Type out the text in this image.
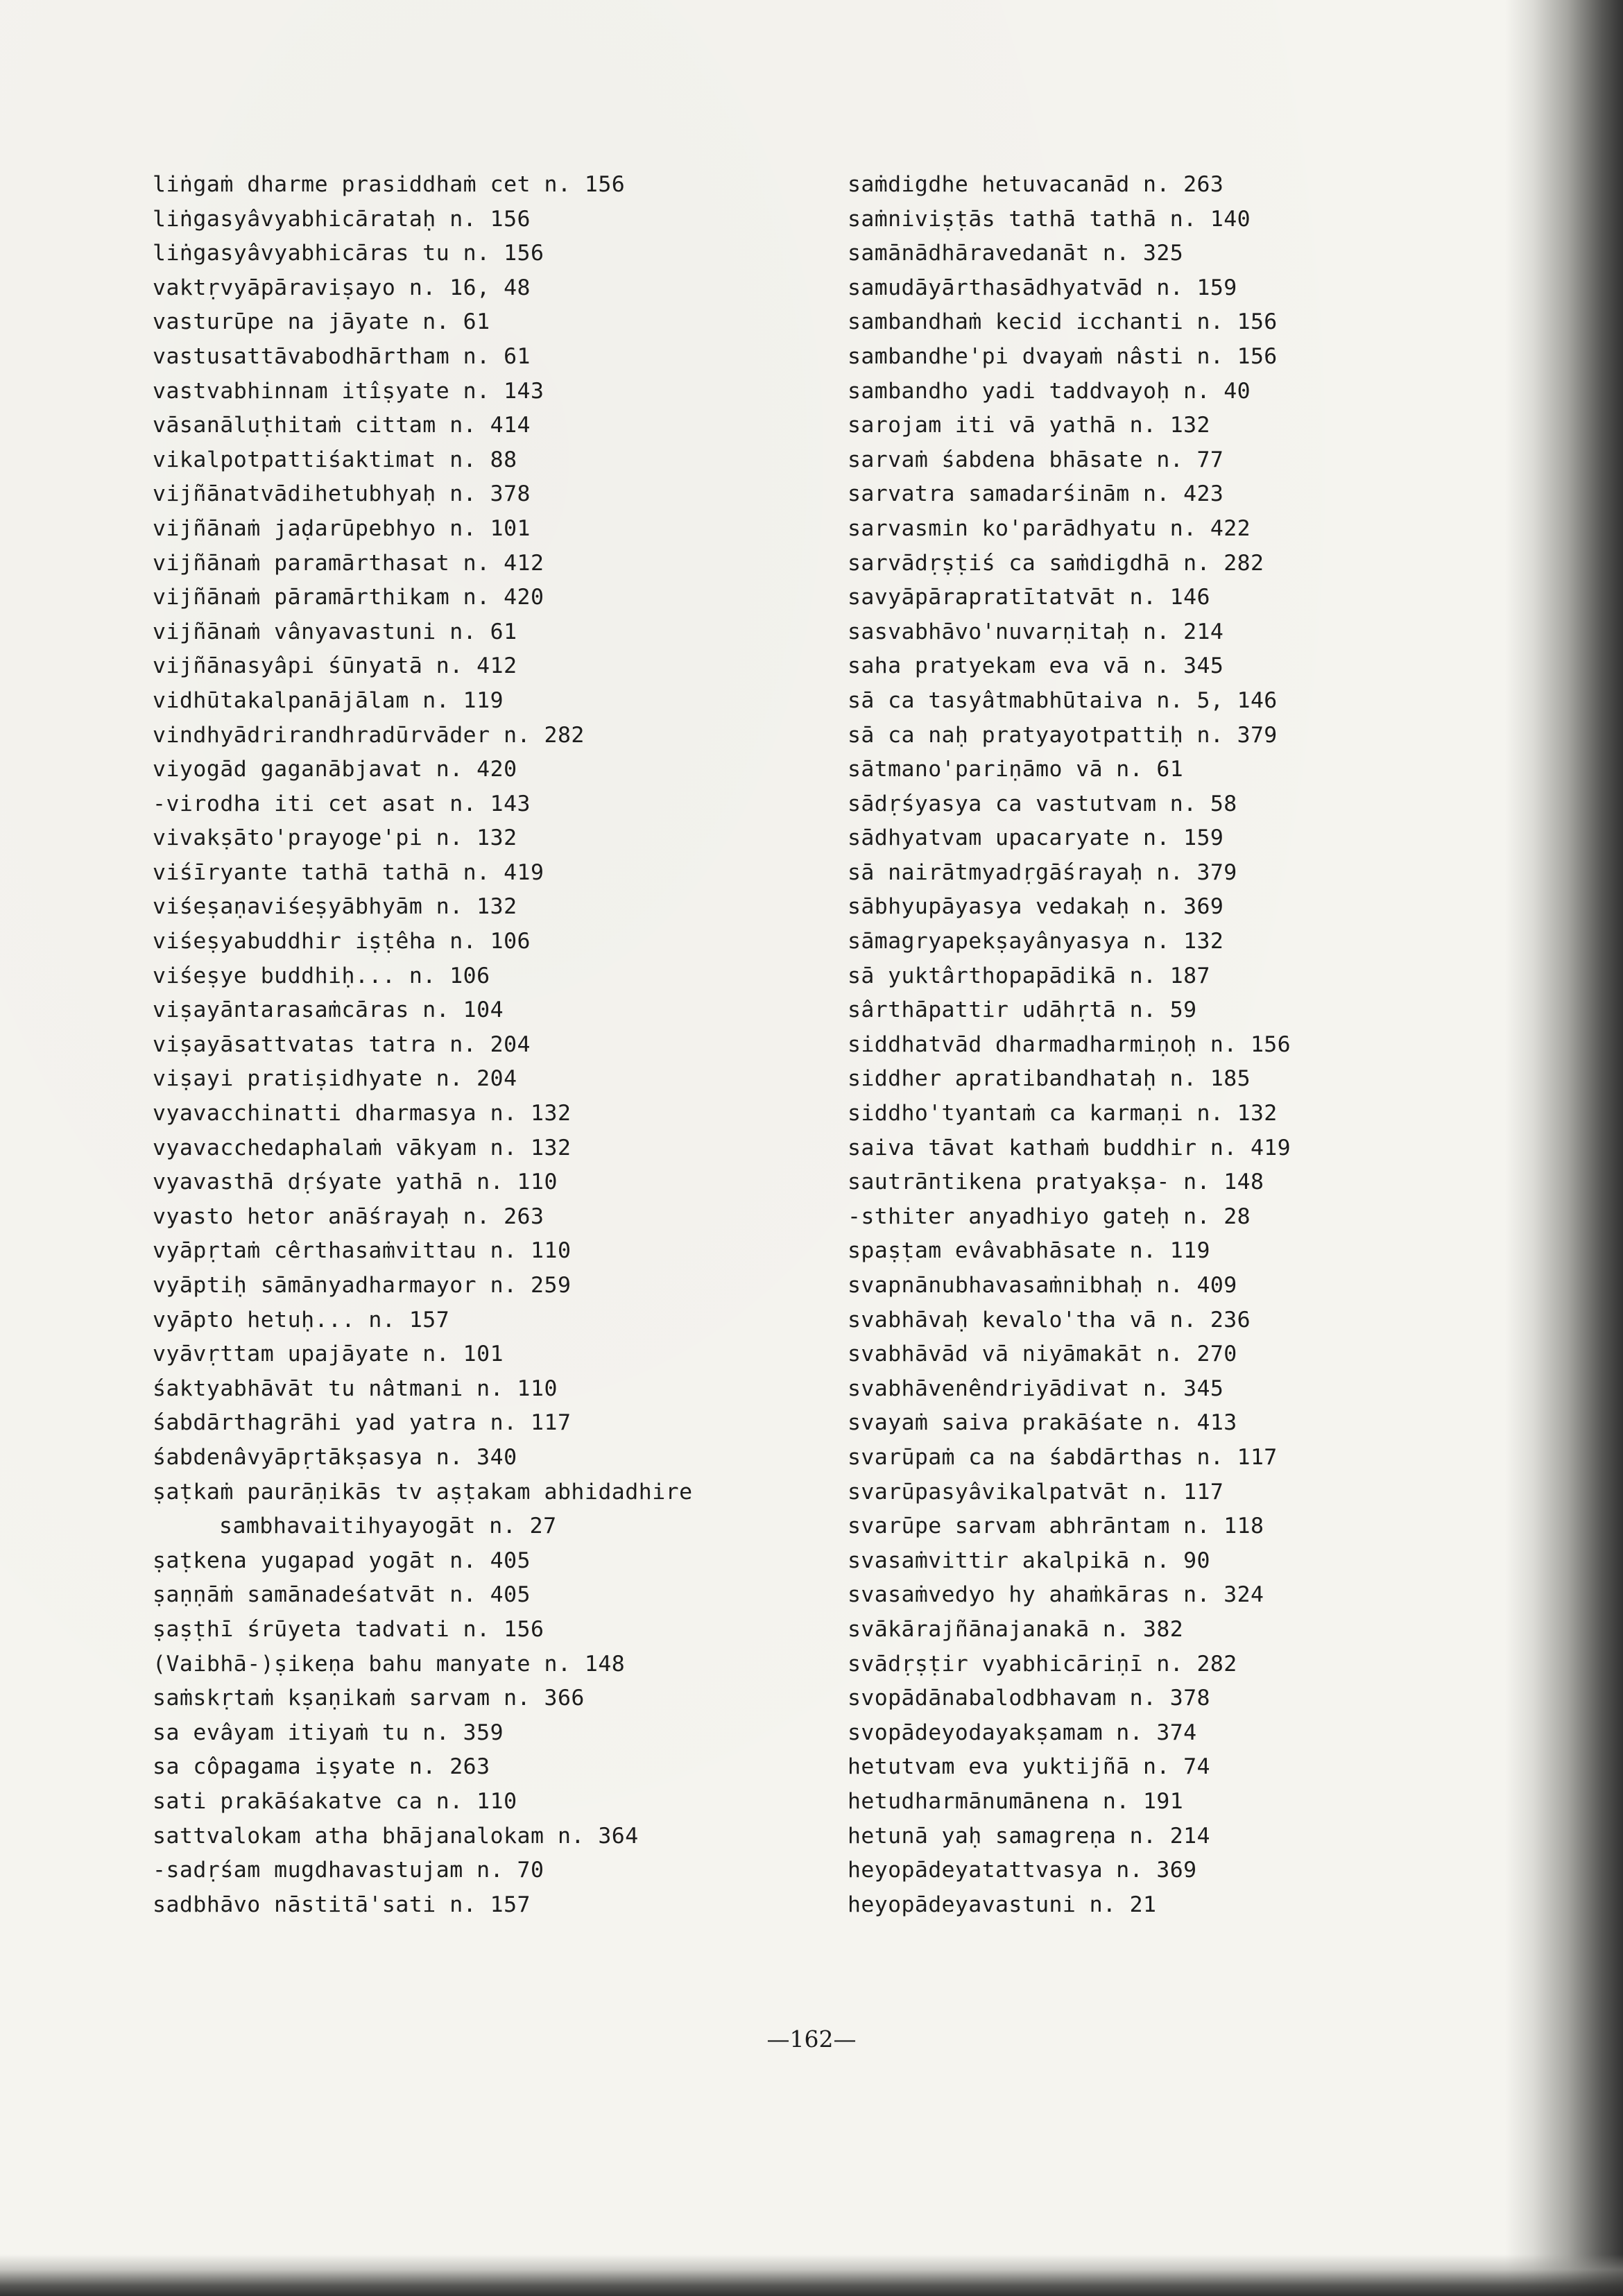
liṅgaṁ dharme prasiddhaṁ cet n. 156
liṅgasyâvyabhicārataḥ n. 156
liṅgasyâvyabhicāras tu n. 156
vaktṛvyāpāraviṣayo n. 16, 48
vasturūpe na jāyate n. 61
vastusattāvabodhārtham n. 61
vastvabhinnam itîṣyate n. 143
vāsanāluṭhitaṁ cittam n. 414
vikalpotpattiśaktimat n. 88
vijñānatvādihetubhyaḥ n. 378
vijñānaṁ jaḍarūpebhyo n. 101
vijñānaṁ paramārthasat n. 412
vijñānaṁ pāramārthikam n. 420
vijñānaṁ vânyavastuni n. 61
vijñānasyâpi śūnyatā n. 412
vidhūtakalpanājālam n. 119
vindhyādrirandhradūrvāder n. 282
viyogād gaganābjavat n. 420
-virodha iti cet asat n. 143
vivakṣāto'prayoge'pi n. 132
viśīryante tathā tathā n. 419
viśeṣaṇaviśeṣyābhyām n. 132
viśeṣyabuddhir iṣṭêha n. 106
viśeṣye buddhiḥ... n. 106
viṣayāntarasaṁcāras n. 104
viṣayāsattvatas tatra n. 204
viṣayi pratiṣidhyate n. 204
vyavacchinatti dharmasya n. 132
vyavacchedaphalaṁ vākyam n. 132
vyavasthā dṛśyate yathā n. 110
vyasto hetor anāśrayaḥ n. 263
vyāpṛtaṁ cêrthasaṁvittau n. 110
vyāptiḥ sāmānyadharmayor n. 259
vyāpto hetuḥ... n. 157
vyāvṛttam upajāyate n. 101
śaktyabhāvāt tu nâtmani n. 110
śabdārthagrāhi yad yatra n. 117
śabdenâvyāpṛtākṣasya n. 340
ṣaṭkaṁ paurāṇikās tv aṣṭakam abhidadhire
sambhavaitihyayogāt n. 27
ṣaṭkena yugapad yogāt n. 405
ṣaṇṇāṁ samānadeśatvāt n. 405
ṣaṣṭhī śrūyeta tadvati n. 156
(Vaibhā-)ṣikeṇa bahu manyate n. 148
saṁskṛtaṁ kṣaṇikaṁ sarvam n. 366
sa evâyam itiyaṁ tu n. 359
sa côpagama iṣyate n. 263
sati prakāśakatve ca n. 110
sattvalokam atha bhājanalokam n. 364
-sadṛśam mugdhavastujam n. 70
sadbhāvo nāstitā'sati n. 157
saṁdigdhe hetuvacanād n. 263
saṁniviṣṭās tathā tathā n. 140
samānādhāravedanāt n. 325
samudāyārthasādhyatvād n. 159
sambandhaṁ kecid icchanti n. 156
sambandhe'pi dvayaṁ nâsti n. 156
sambandho yadi taddvayoḥ n. 40
sarojam iti vā yathā n. 132
sarvaṁ śabdena bhāsate n. 77
sarvatra samadarśinām n. 423
sarvasmin ko'parādhyatu n. 422
sarvādṛṣṭiś ca saṁdigdhā n. 282
savyāpārapratītatvāt n. 146
sasvabhāvo'nuvarṇitaḥ n. 214
saha pratyekam eva vā n. 345
sā ca tasyâtmabhūtaiva n. 5, 146
sā ca naḥ pratyayotpattiḥ n. 379
sātmano'pariṇāmo vā n. 61
sādṛśyasya ca vastutvam n. 58
sādhyatvam upacaryate n. 159
sā nairātmyadṛgāśrayaḥ n. 379
sābhyupāyasya vedakaḥ n. 369
sāmagryapekṣayânyasya n. 132
sā yuktârthopapādikā n. 187
sârthāpattir udāhṛtā n. 59
siddhatvād dharmadharmiṇoḥ n. 156
siddher apratibandhataḥ n. 185
siddho'tyantaṁ ca karmaṇi n. 132
saiva tāvat kathaṁ buddhir n. 419
sautrāntikena pratyakṣa- n. 148
-sthiter anyadhiyo gateḥ n. 28
spaṣṭam evâvabhāsate n. 119
svapnānubhavasaṁnibhaḥ n. 409
svabhāvaḥ kevalo'tha vā n. 236
svabhāvād vā niyāmakāt n. 270
svabhāvenêndriyādivat n. 345
svayaṁ saiva prakāśate n. 413
svarūpaṁ ca na śabdārthas n. 117
svarūpasyâvikalpatvāt n. 117
svarūpe sarvam abhrāntam n. 118
svasaṁvittir akalpikā n. 90
svasaṁvedyo hy ahaṁkāras n. 324
svākārajñānajanakā n. 382
svādṛṣṭir vyabhicāriṇī n. 282
svopādānabalodbhavam n. 378
svopādeyodayakṣamam n. 374
hetutvam eva yuktijñā n. 74
hetudharmānumānena n. 191
hetunā yaḥ samagreṇa n. 214
heyopādeyatattvasya n. 369
heyopādeyavastuni n. 21
—162—
